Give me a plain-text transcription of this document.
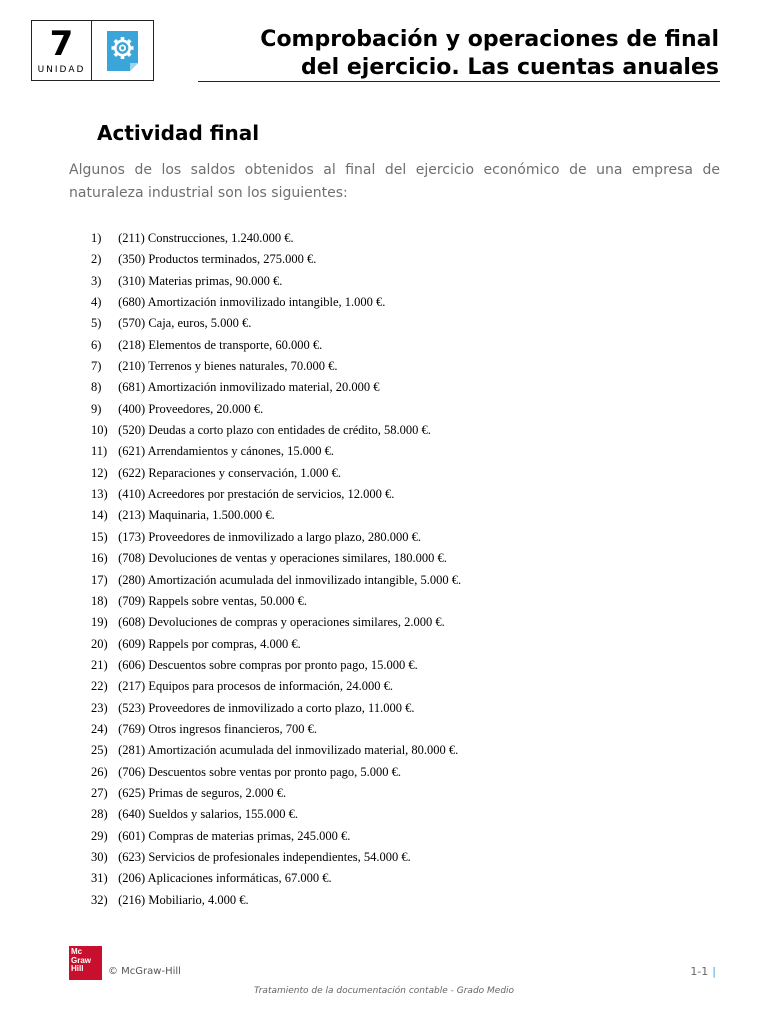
7
UNIDAD
Comprobación y operaciones de final
del ejercicio. Las cuentas anuales
Actividad final

Algunos de los saldos obtenidos al final del ejercicio económico de una empresa de naturaleza industrial son los siguientes:

1) (211) Construcciones, 1.240.000 €.
2) (350) Productos terminados, 275.000 €.
3) (310) Materias primas, 90.000 €.
4) (680) Amortización inmovilizado intangible, 1.000 €.
5) (570) Caja, euros, 5.000 €.
6) (218) Elementos de transporte, 60.000 €.
7) (210) Terrenos y bienes naturales, 70.000 €.
8) (681) Amortización inmovilizado material, 20.000 €
9) (400) Proveedores, 20.000 €.
10) (520) Deudas a corto plazo con entidades de crédito, 58.000 €.
11) (621) Arrendamientos y cánones, 15.000 €.
12) (622) Reparaciones y conservación, 1.000 €.
13) (410) Acreedores por prestación de servicios, 12.000 €.
14) (213) Maquinaria, 1.500.000 €.
15) (173) Proveedores de inmovilizado a largo plazo, 280.000 €.
16) (708) Devoluciones de ventas y operaciones similares, 180.000 €.
17) (280) Amortización acumulada del inmovilizado intangible, 5.000 €.
18) (709) Rappels sobre ventas, 50.000 €.
19) (608) Devoluciones de compras y operaciones similares, 2.000 €.
20) (609) Rappels por compras, 4.000 €.
21) (606) Descuentos sobre compras por pronto pago, 15.000 €.
22) (217) Equipos para procesos de información, 24.000 €.
23) (523) Proveedores de inmovilizado a corto plazo, 11.000 €.
24) (769) Otros ingresos financieros, 700 €.
25) (281) Amortización acumulada del inmovilizado material, 80.000 €.
26) (706) Descuentos sobre ventas por pronto pago, 5.000 €.
27) (625) Primas de seguros, 2.000 €.
28) (640) Sueldos y salarios, 155.000 €.
29) (601) Compras de materias primas, 245.000 €.
30) (623) Servicios de profesionales independientes, 54.000 €.
31) (206) Aplicaciones informáticas, 67.000 €.
32) (216) Mobiliario, 4.000 €.
Mc
Graw
Hill	© McGraw-Hill	1-1 |
Tratamiento de la documentación contable - Grado Medio
